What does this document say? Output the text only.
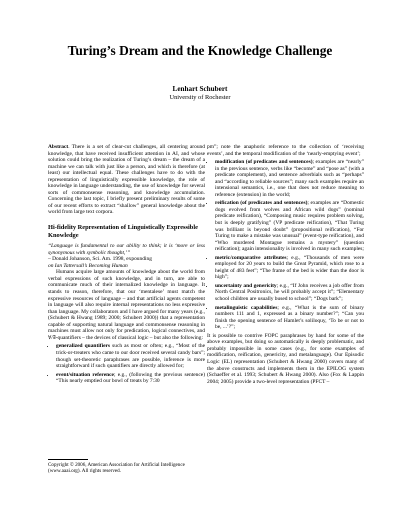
Turing’s Dream and the Knowledge Challenge
Lenhart Schubert
University of Rochester

Abstract. There is a set of clear-cut challenges, all centering around knowledge, that have received insufficient attention in AI, and whose solution could bring the realization of Turing’s dream – the dream of a machine we can talk with just like a person, and which is therefore (at least) our intellectual equal. These challenges have to do with the representation of linguistically expressible knowledge, the role of knowledge in language understanding, the use of knowledge for several sorts of commonsense reasoning, and knowledge accumulation. Concerning the last topic, I briefly present preliminary results of some of our recent efforts to extract “shallow” general knowledge about the world from large text corpora.

Hi-fidelity Representation of Linguistically Expressible Knowledge

“Language is fundamental to our ability to think; it is ‘more or less synonymous with symbolic thought,’”

– Donald Johanson, Sci. Am. 1998, expounding

on Ian Tattersall’s Becoming Human

Humans acquire large amounts of knowledge about the world from verbal expressions of such knowledge, and in turn, are able to communicate much of their internalized knowledge in language. It stands to reason, therefore, that our ‘mentalese’ must match the expressive resources of language – and that artificial agents competent in language will also require internal representations no less expressive than language. My collaborators and I have argued for many years (e.g., (Schubert & Hwang 1989; 2000; Schubert 2000)) that a representation capable of supporting natural language and commonsense reasoning in machines must allow not only for predication, logical connectives, and ∀/∃-quantifiers – the devices of classical logic – but also the following:

• generalized quantifiers such as most or often; e.g., “Most of the trick-or-treaters who came to our door received several candy bars”; though set-theoretic paraphrases are possible, inference is more straightforward if such quantifiers are directly allowed for;
• event/situation reference; e.g., (following the previous sentence) “This nearly emptied our bowl of treats by 7:30
Copyright © 2006, American Association for Artificial Intelligence (www.aaai.org). All rights reserved.

pm”; note the anaphoric reference to the collection of ‘receiving events’, and the temporal modification of the ‘nearly-emptying event’;

• modification (of predicates and sentences); examples are “nearly” in the previous sentence, verbs like “become” and “pose as” (with a predicate complement), and sentence adverbials such as “perhaps” and “according to reliable sources”; many such examples require an intensional semantics, i.e., one that does not reduce meaning to reference (extension) in the world;
• reification (of predicates and sentences); examples are “Domestic dogs evolved from wolves and African wild dogs” (nominal predicate reification), “Composing music requires problem solving, but is deeply gratifying” (VP predicate reification), “That Turing was brilliant is beyond doubt” (propositional reification), “For Turing to make a mistake was unusual” (event-type reification), and “Who murdered Montague remains a mystery” (question reification); again intensionality is involved in many such examples;
• metric/comparative attributes; e.g., “Thousands of men were employed for 20 years to build the Great Pyramid, which rose to a height of 483 feet”; “The frame of the bed is wider than the door is high”;
• uncertainty and genericity; e.g., “If John receives a job offer from North Central Positronics, he will probably accept it”; “Elementary school children are usually bused to school”; “Dogs bark”;
• metalinguistic capabilities; e.g., “What is the sum of binary numbers 111 and 1, expressed as a binary number?”; “Can you finish the opening sentence of Hamlet’s soliloquy, ‘To be or not to be, ...’?”;

It is possible to contrive FOPC paraphrases by hand for some of the above examples, but doing so automatically is deeply problematic, and probably impossible in some cases (e.g., for some examples of modification, reification, genericity, and metalanguage). Our Episodic Logic (EL) representation (Schubert & Hwang 2000) covers many of the above constructs and implements them in the EPILOG system (Schaeffer et al. 1993; Schubert & Hwang 2000). Also (Fox & Lappin 2004; 2005) provide a two-level representation (PFCT –
